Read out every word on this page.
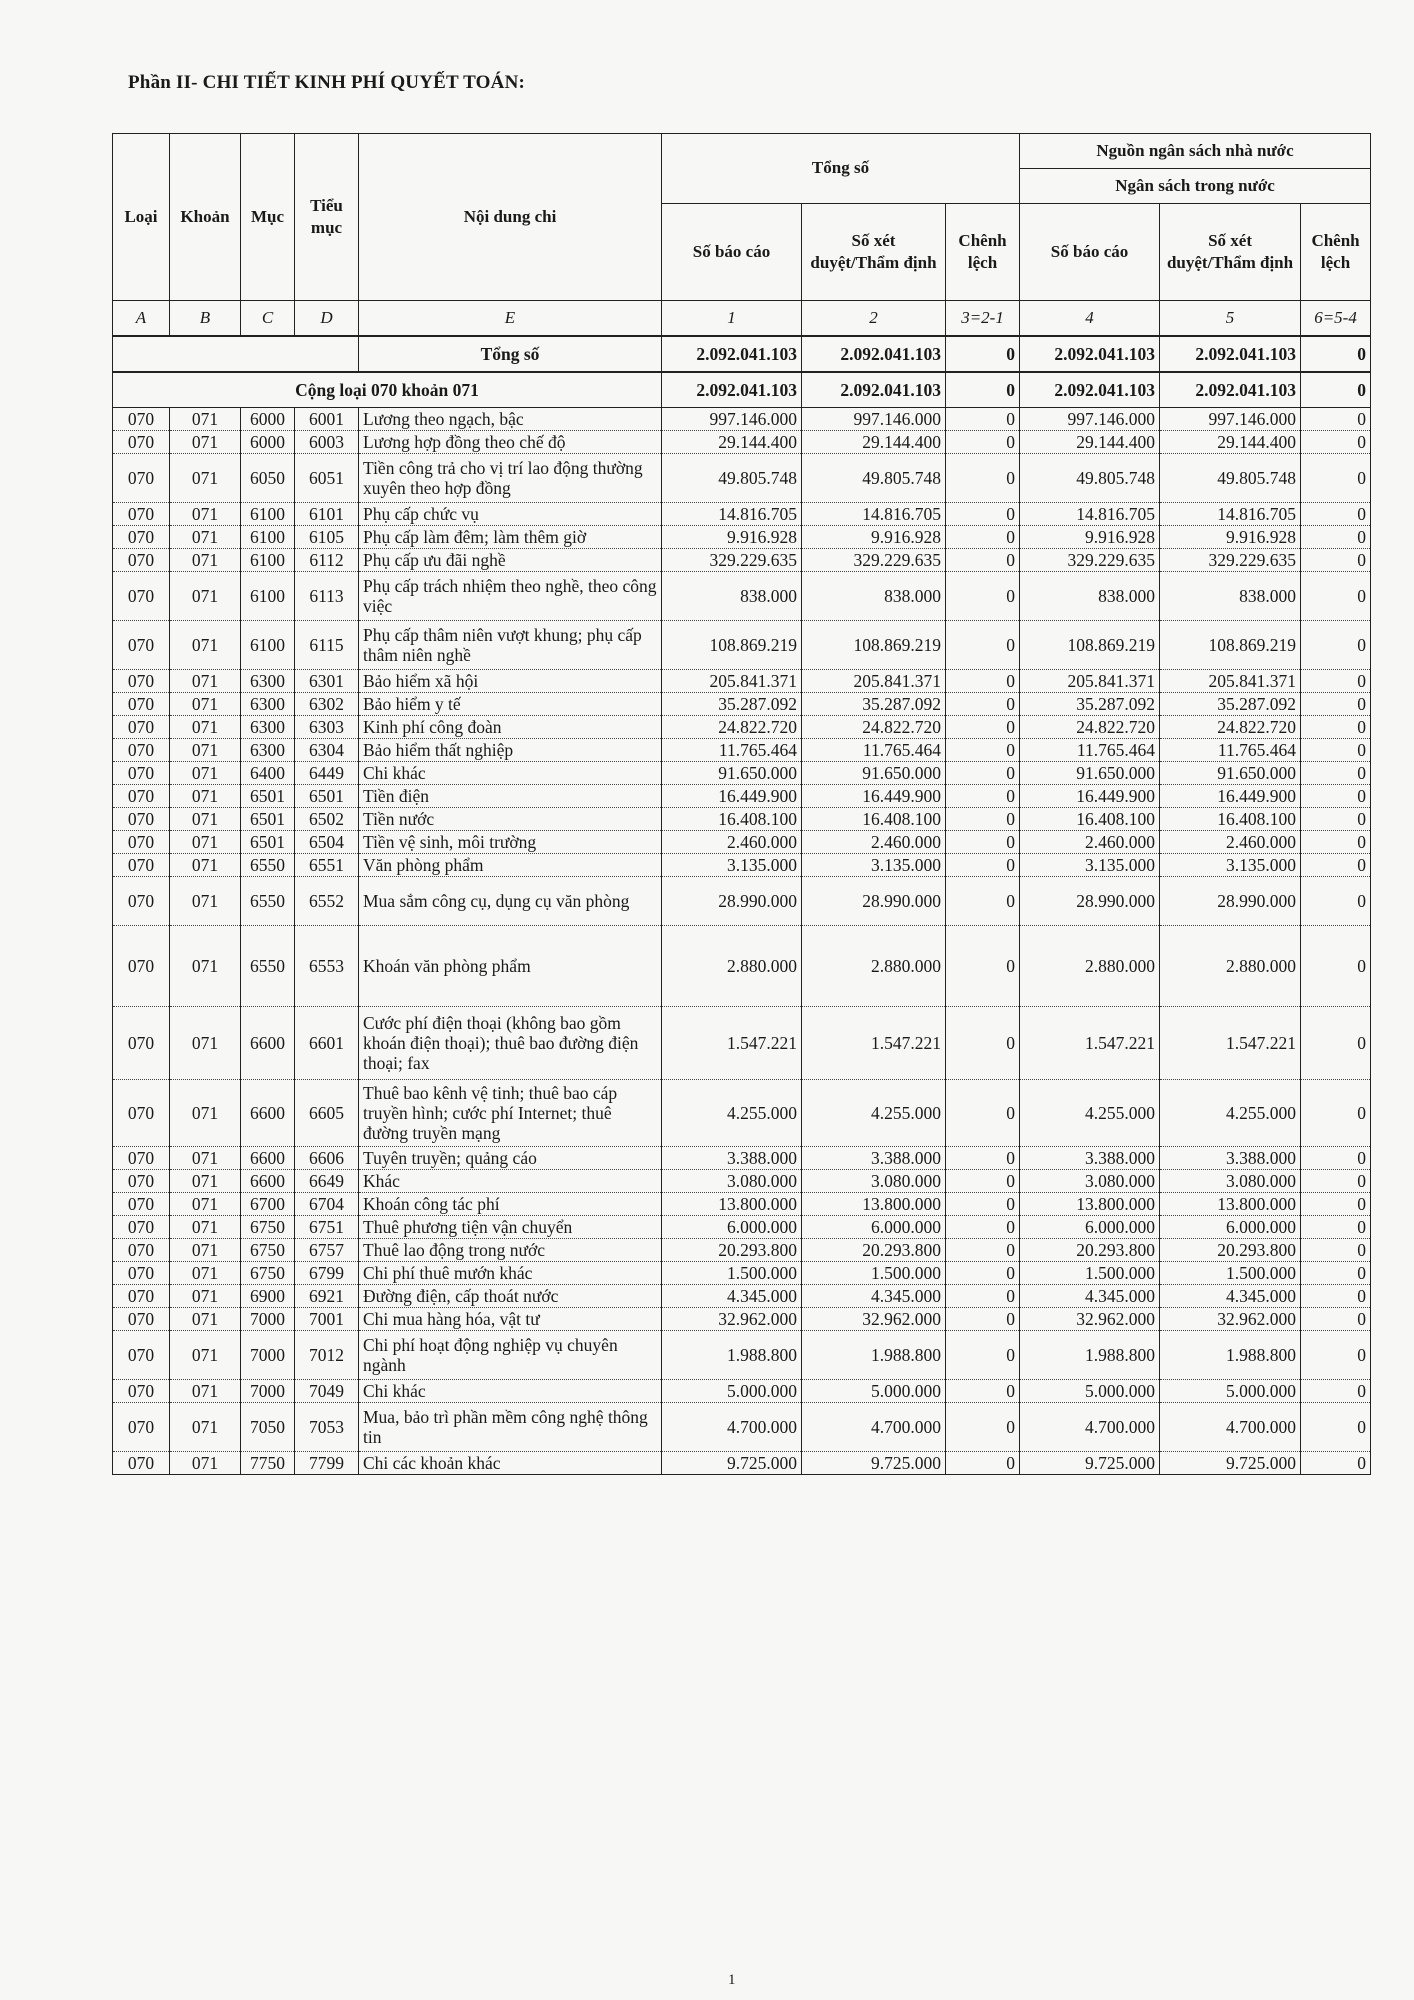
Phần II- CHI TIẾT KINH PHÍ QUYẾT TOÁN:
Loại	Khoản	Mục	Tiểu mục	Nội dung chi	Tổng số			Nguồn ngân sách nhà nước		
								Ngân sách trong nước		
					Số báo cáo	Số xét duyệt/Thẩm định	Chênh lệch	Số báo cáo	Số xét duyệt/Thẩm định	Chênh lệch
A	B	C	D	E	1	2	3=2-1	4	5	6=5-4
				Tổng số	2.092.041.103	2.092.041.103	0	2.092.041.103	2.092.041.103	0
Cộng loại 070 khoản 071					2.092.041.103	2.092.041.103	0	2.092.041.103	2.092.041.103	0
070	071	6000	6001	Lương theo ngạch, bậc	997.146.000	997.146.000	0	997.146.000	997.146.000	0
070	071	6000	6003	Lương hợp đồng theo chế độ	29.144.400	29.144.400	0	29.144.400	29.144.400	0
070	071	6050	6051	Tiền công trả cho vị trí lao động thường xuyên theo hợp đồng	49.805.748	49.805.748	0	49.805.748	49.805.748	0
070	071	6100	6101	Phụ cấp chức vụ	14.816.705	14.816.705	0	14.816.705	14.816.705	0
070	071	6100	6105	Phụ cấp làm đêm; làm thêm giờ	9.916.928	9.916.928	0	9.916.928	9.916.928	0
070	071	6100	6112	Phụ cấp ưu đãi nghề	329.229.635	329.229.635	0	329.229.635	329.229.635	0
070	071	6100	6113	Phụ cấp trách nhiệm theo nghề, theo công việc	838.000	838.000	0	838.000	838.000	0
070	071	6100	6115	Phụ cấp thâm niên vượt khung; phụ cấp thâm niên nghề	108.869.219	108.869.219	0	108.869.219	108.869.219	0
070	071	6300	6301	Bảo hiểm xã hội	205.841.371	205.841.371	0	205.841.371	205.841.371	0
070	071	6300	6302	Bảo hiểm y tế	35.287.092	35.287.092	0	35.287.092	35.287.092	0
070	071	6300	6303	Kinh phí công đoàn	24.822.720	24.822.720	0	24.822.720	24.822.720	0
070	071	6300	6304	Bảo hiểm thất nghiệp	11.765.464	11.765.464	0	11.765.464	11.765.464	0
070	071	6400	6449	Chi khác	91.650.000	91.650.000	0	91.650.000	91.650.000	0
070	071	6501	6501	Tiền điện	16.449.900	16.449.900	0	16.449.900	16.449.900	0
070	071	6501	6502	Tiền nước	16.408.100	16.408.100	0	16.408.100	16.408.100	0
070	071	6501	6504	Tiền vệ sinh, môi trường	2.460.000	2.460.000	0	2.460.000	2.460.000	0
070	071	6550	6551	Văn phòng phẩm	3.135.000	3.135.000	0	3.135.000	3.135.000	0
070	071	6550	6552	Mua sắm công cụ, dụng cụ văn phòng	28.990.000	28.990.000	0	28.990.000	28.990.000	0
070	071	6550	6553	Khoán văn phòng phẩm	2.880.000	2.880.000	0	2.880.000	2.880.000	0
070	071	6600	6601	Cước phí điện thoại (không bao gồm khoán điện thoại); thuê bao đường điện thoại; fax	1.547.221	1.547.221	0	1.547.221	1.547.221	0
070	071	6600	6605	Thuê bao kênh vệ tinh; thuê bao cáp truyền hình; cước phí Internet; thuê đường truyền mạng	4.255.000	4.255.000	0	4.255.000	4.255.000	0
070	071	6600	6606	Tuyên truyền; quảng cáo	3.388.000	3.388.000	0	3.388.000	3.388.000	0
070	071	6600	6649	Khác	3.080.000	3.080.000	0	3.080.000	3.080.000	0
070	071	6700	6704	Khoán công tác phí	13.800.000	13.800.000	0	13.800.000	13.800.000	0
070	071	6750	6751	Thuê phương tiện vận chuyển	6.000.000	6.000.000	0	6.000.000	6.000.000	0
070	071	6750	6757	Thuê lao động trong nước	20.293.800	20.293.800	0	20.293.800	20.293.800	0
070	071	6750	6799	Chi phí thuê mướn khác	1.500.000	1.500.000	0	1.500.000	1.500.000	0
070	071	6900	6921	Đường điện, cấp thoát nước	4.345.000	4.345.000	0	4.345.000	4.345.000	0
070	071	7000	7001	Chi mua hàng hóa, vật tư	32.962.000	32.962.000	0	32.962.000	32.962.000	0
070	071	7000	7012	Chi phí hoạt động nghiệp vụ chuyên ngành	1.988.800	1.988.800	0	1.988.800	1.988.800	0
070	071	7000	7049	Chi khác	5.000.000	5.000.000	0	5.000.000	5.000.000	0
070	071	7050	7053	Mua, bảo trì phần mềm công nghệ thông tin	4.700.000	4.700.000	0	4.700.000	4.700.000	0
070	071	7750	7799	Chi các khoản khác	9.725.000	9.725.000	0	9.725.000	9.725.000	0
1
